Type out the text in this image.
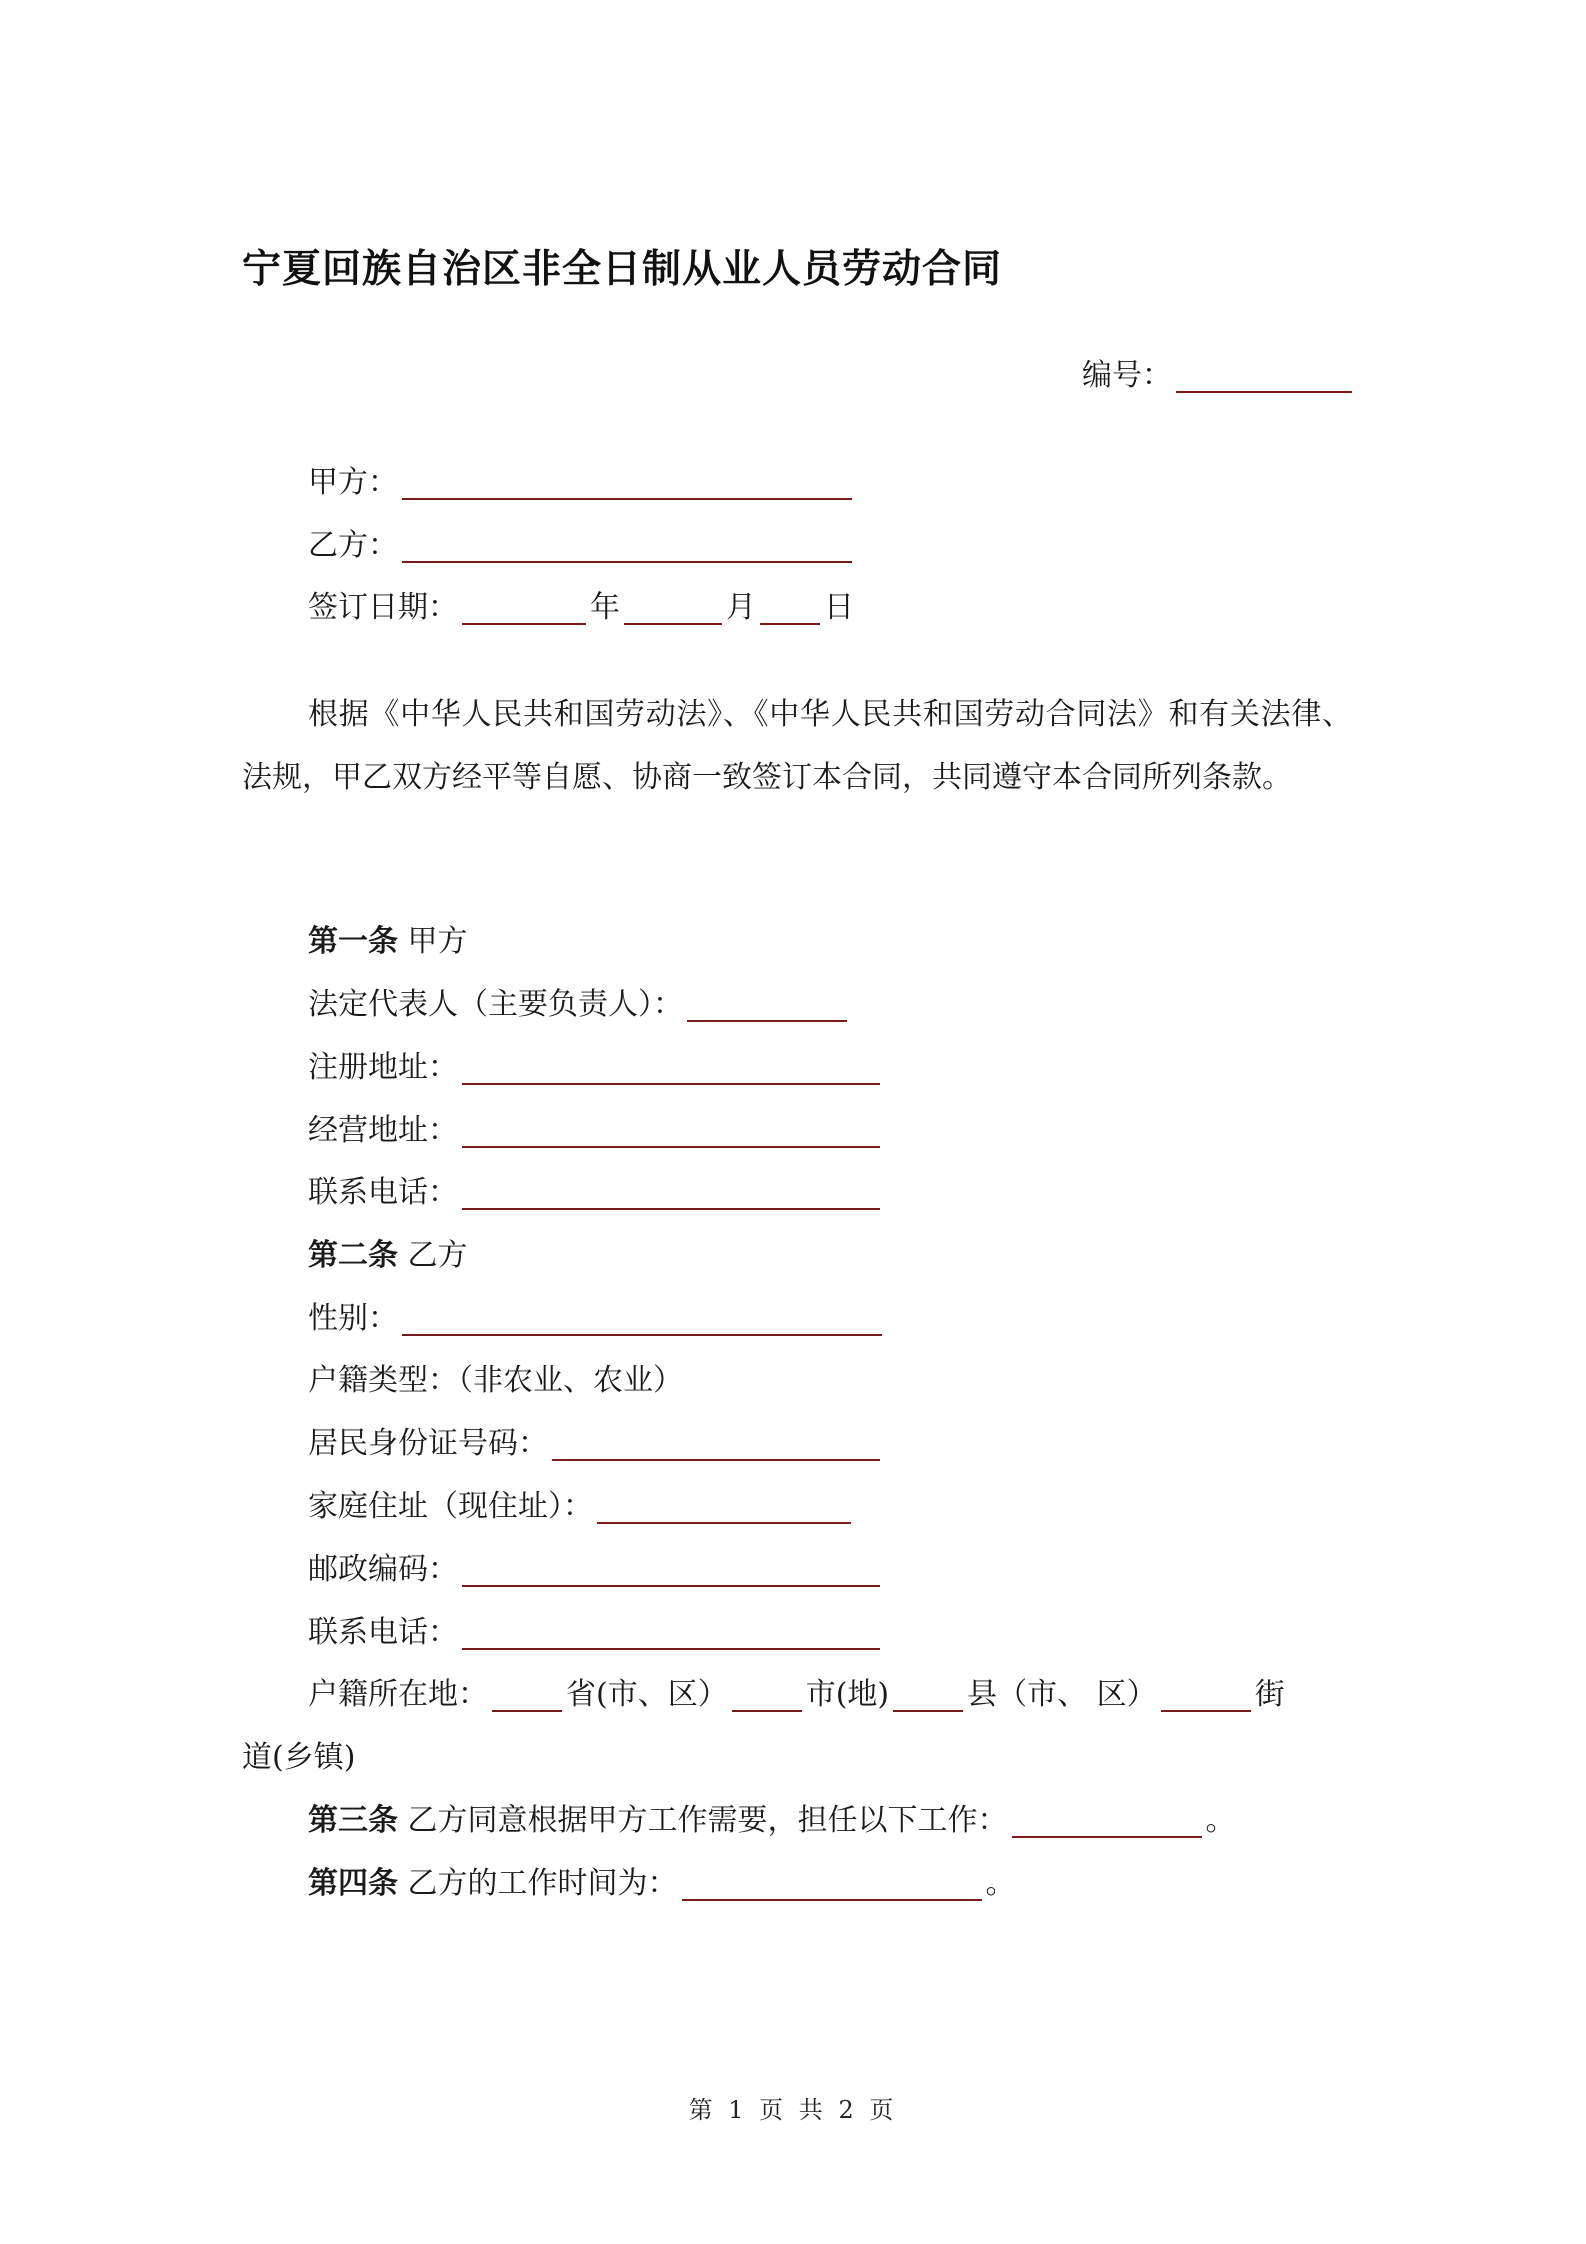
宁夏回族自治区非全日制从业人员劳动合同
编号：
甲方：
乙方：
签订日期：	年	月 日
根据《中华人民共和国劳动法》、《中华人民共和国劳动合同法》和有关法律、法规，甲乙双方经平等自愿、协商一致签订本合同，共同遵守本合同所列条款。
第一条 甲方
法定代表人（主要负责人）：
注册地址：
经营地址：
联系电话：
第二条 乙方
性别：
户籍类型：（非农业、农业）
居民身份证号码：
家庭住址（现住址）：
邮政编码：
联系电话：
户籍所在地：	省(市、区）	市(地)	县（市、 区）	街
道(乡镇)
第三条 乙方同意根据甲方工作需要，担任以下工作：	。
第四条 乙方的工作时间为：	。
第 1 页 共 2 页
